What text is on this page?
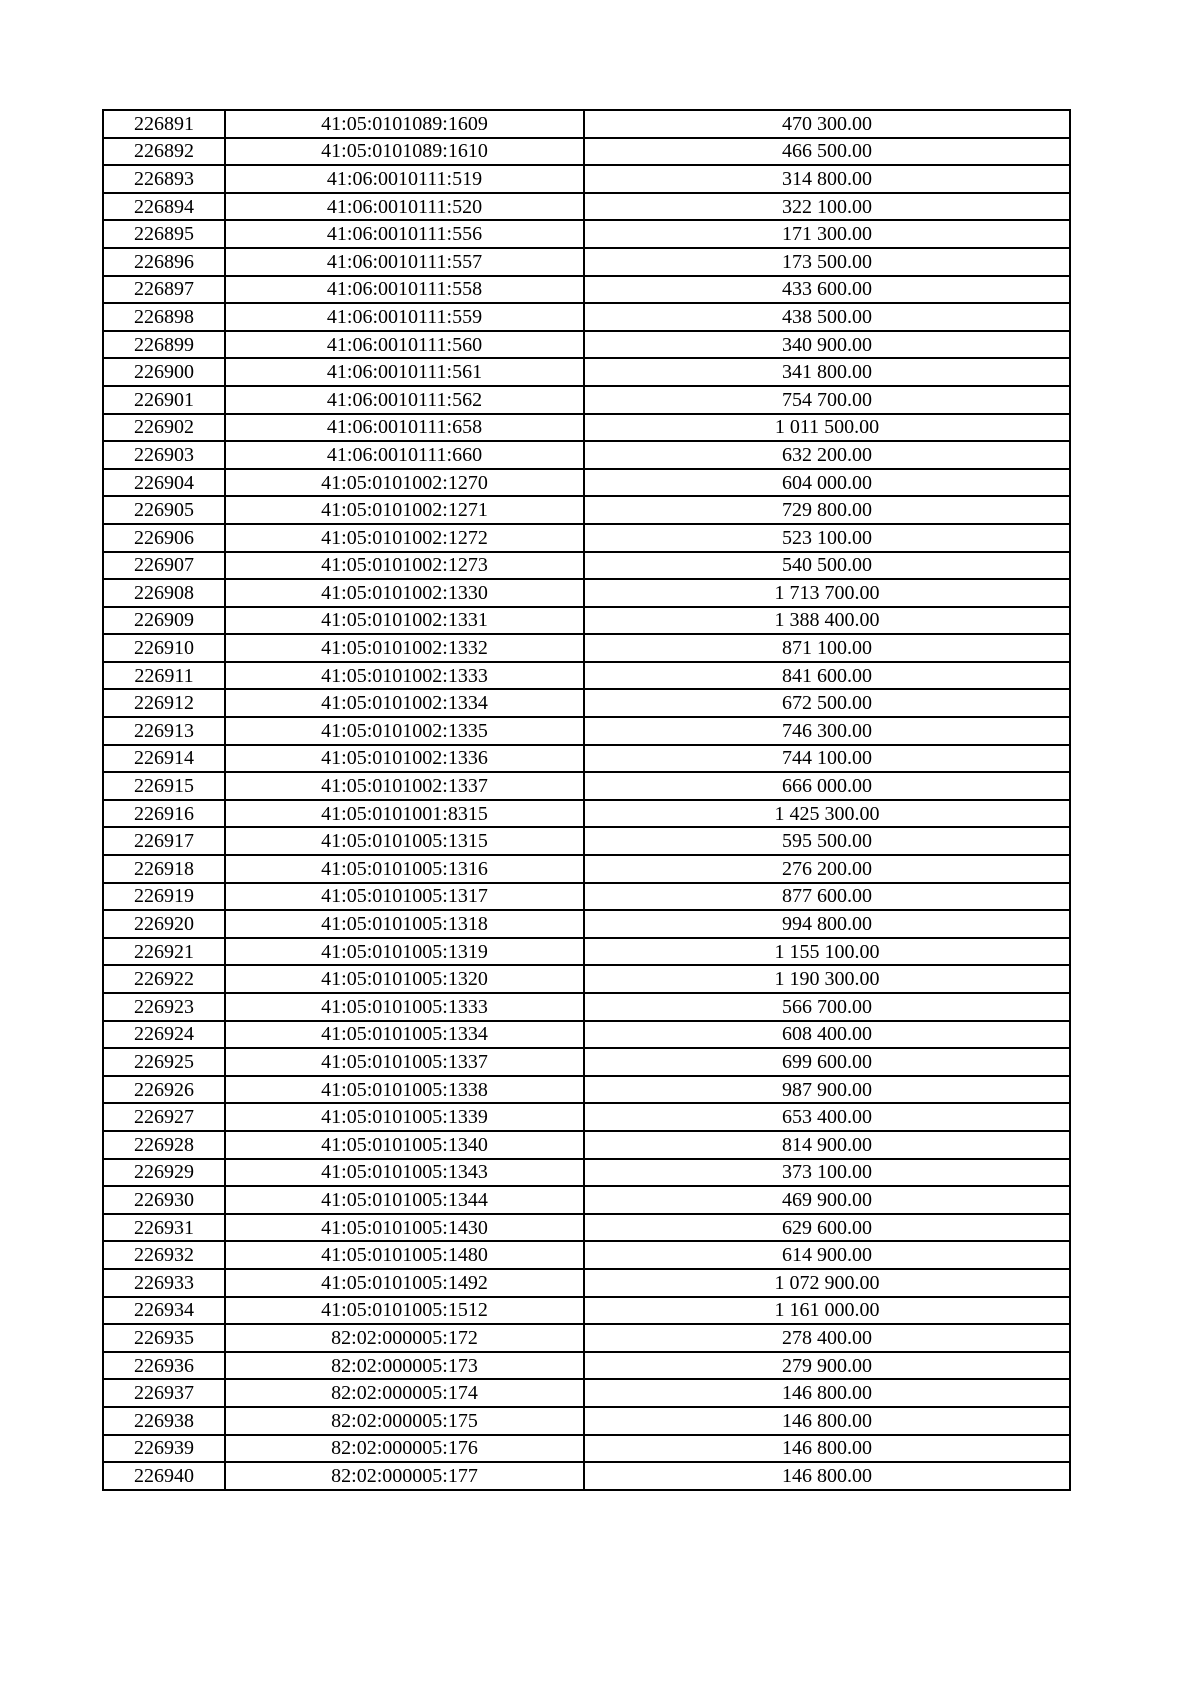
226891	41:05:0101089:1609	470 300.00
226892	41:05:0101089:1610	466 500.00
226893	41:06:0010111:519	314 800.00
226894	41:06:0010111:520	322 100.00
226895	41:06:0010111:556	171 300.00
226896	41:06:0010111:557	173 500.00
226897	41:06:0010111:558	433 600.00
226898	41:06:0010111:559	438 500.00
226899	41:06:0010111:560	340 900.00
226900	41:06:0010111:561	341 800.00
226901	41:06:0010111:562	754 700.00
226902	41:06:0010111:658	1 011 500.00
226903	41:06:0010111:660	632 200.00
226904	41:05:0101002:1270	604 000.00
226905	41:05:0101002:1271	729 800.00
226906	41:05:0101002:1272	523 100.00
226907	41:05:0101002:1273	540 500.00
226908	41:05:0101002:1330	1 713 700.00
226909	41:05:0101002:1331	1 388 400.00
226910	41:05:0101002:1332	871 100.00
226911	41:05:0101002:1333	841 600.00
226912	41:05:0101002:1334	672 500.00
226913	41:05:0101002:1335	746 300.00
226914	41:05:0101002:1336	744 100.00
226915	41:05:0101002:1337	666 000.00
226916	41:05:0101001:8315	1 425 300.00
226917	41:05:0101005:1315	595 500.00
226918	41:05:0101005:1316	276 200.00
226919	41:05:0101005:1317	877 600.00
226920	41:05:0101005:1318	994 800.00
226921	41:05:0101005:1319	1 155 100.00
226922	41:05:0101005:1320	1 190 300.00
226923	41:05:0101005:1333	566 700.00
226924	41:05:0101005:1334	608 400.00
226925	41:05:0101005:1337	699 600.00
226926	41:05:0101005:1338	987 900.00
226927	41:05:0101005:1339	653 400.00
226928	41:05:0101005:1340	814 900.00
226929	41:05:0101005:1343	373 100.00
226930	41:05:0101005:1344	469 900.00
226931	41:05:0101005:1430	629 600.00
226932	41:05:0101005:1480	614 900.00
226933	41:05:0101005:1492	1 072 900.00
226934	41:05:0101005:1512	1 161 000.00
226935	82:02:000005:172	278 400.00
226936	82:02:000005:173	279 900.00
226937	82:02:000005:174	146 800.00
226938	82:02:000005:175	146 800.00
226939	82:02:000005:176	146 800.00
226940	82:02:000005:177	146 800.00
